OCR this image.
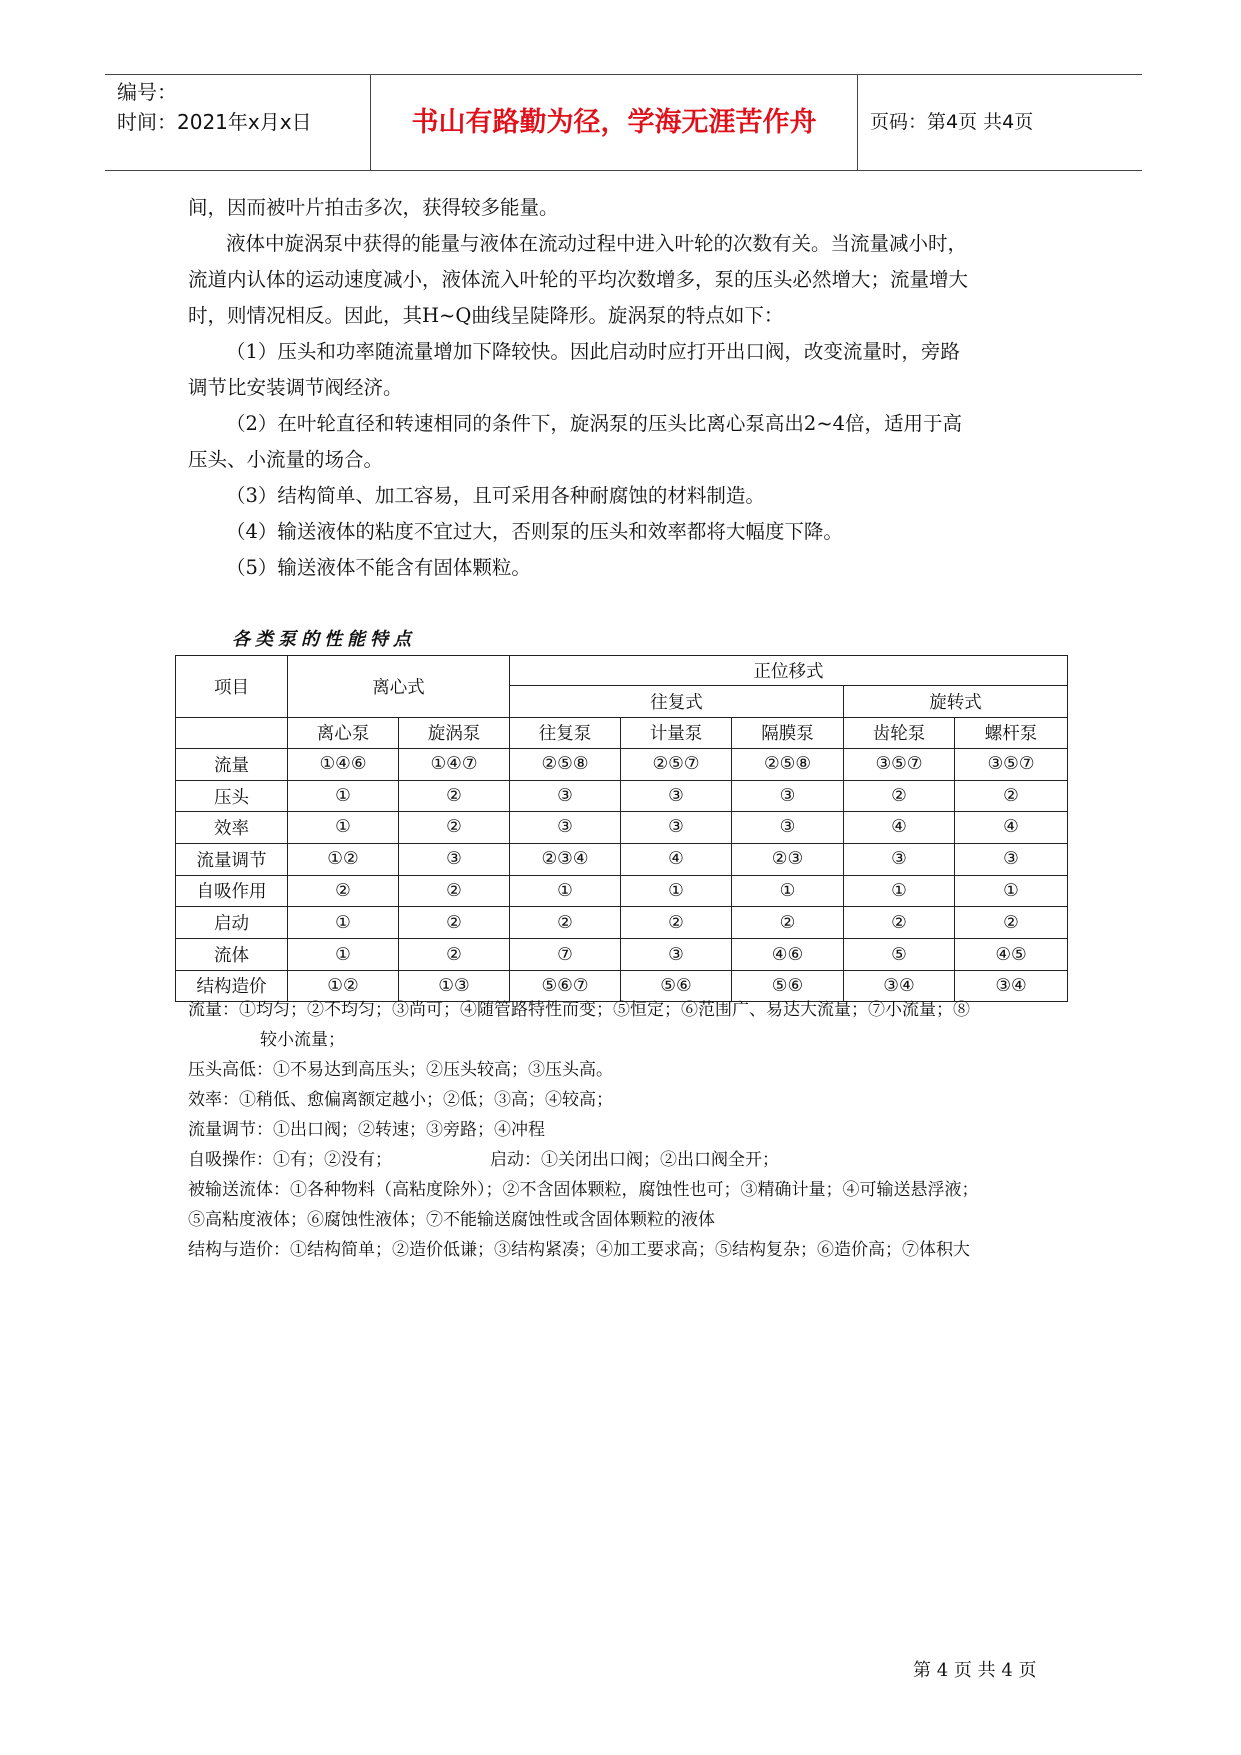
编号：
时间：2021年x月x日	书山有路勤为径，学海无涯苦作舟	页码：第4页 共4页

间，因而被叶片拍击多次，获得较多能量。

液体中旋涡泵中获得的能量与液体在流动过程中进入叶轮的次数有关。当流量减小时，

流道内认体的运动速度减小，液体流入叶轮的平均次数增多，泵的压头必然增大；流量增大

时，则情况相反。因此，其H~Q曲线呈陡降形。旋涡泵的特点如下：

（1）压头和功率随流量增加下降较快。因此启动时应打开出口阀，改变流量时，旁路

调节比安装调节阀经济。

（2）在叶轮直径和转速相同的条件下，旋涡泵的压头比离心泵高出2~4倍，适用于高

压头、小流量的场合。

（3）结构简单、加工容易，且可采用各种耐腐蚀的材料制造。

（4）输送液体的粘度不宜过大，否则泵的压头和效率都将大幅度下降。

（5）输送液体不能含有固体颗粒。

各类泵的性能特点
项目	离心式		正位移式				
			往复式			旋转式	
	离心泵	旋涡泵	往复泵	计量泵	隔膜泵	齿轮泵	螺杆泵
流量	①④⑥	①④⑦	②⑤⑧	②⑤⑦	②⑤⑧	③⑤⑦	③⑤⑦
压头	①	②	③	③	③	②	②
效率	①	②	③	③	③	④	④
流量调节	①②	③	②③④	④	②③	③	③
自吸作用	②	②	①	①	①	①	①
启动	①	②	②	②	②	②	②
流体	①	②	⑦	③	④⑥	⑤	④⑤
结构造价	①②	①③	⑤⑥⑦	⑤⑥	⑤⑥	③④	③④

流量：①均匀；②不均匀；③尚可；④随管路特性而变；⑤恒定；⑥范围广、易达大流量；⑦小流量；⑧

较小流量；

压头高低：①不易达到高压头；②压头较高；③压头高。

效率：①稍低、愈偏离额定越小；②低；③高；④较高；

流量调节：①出口阀；②转速；③旁路；④冲程

自吸操作：①有；②没有；	启动：①关闭出口阀；②出口阀全开；

被输送流体：①各种物料（高粘度除外）；②不含固体颗粒，腐蚀性也可；③精确计量；④可输送悬浮液；

⑤高粘度液体；⑥腐蚀性液体；⑦不能输送腐蚀性或含固体颗粒的液体

结构与造价：①结构简单；②造价低谦；③结构紧凑；④加工要求高；⑤结构复杂；⑥造价高；⑦体积大

第 4 页 共 4 页
